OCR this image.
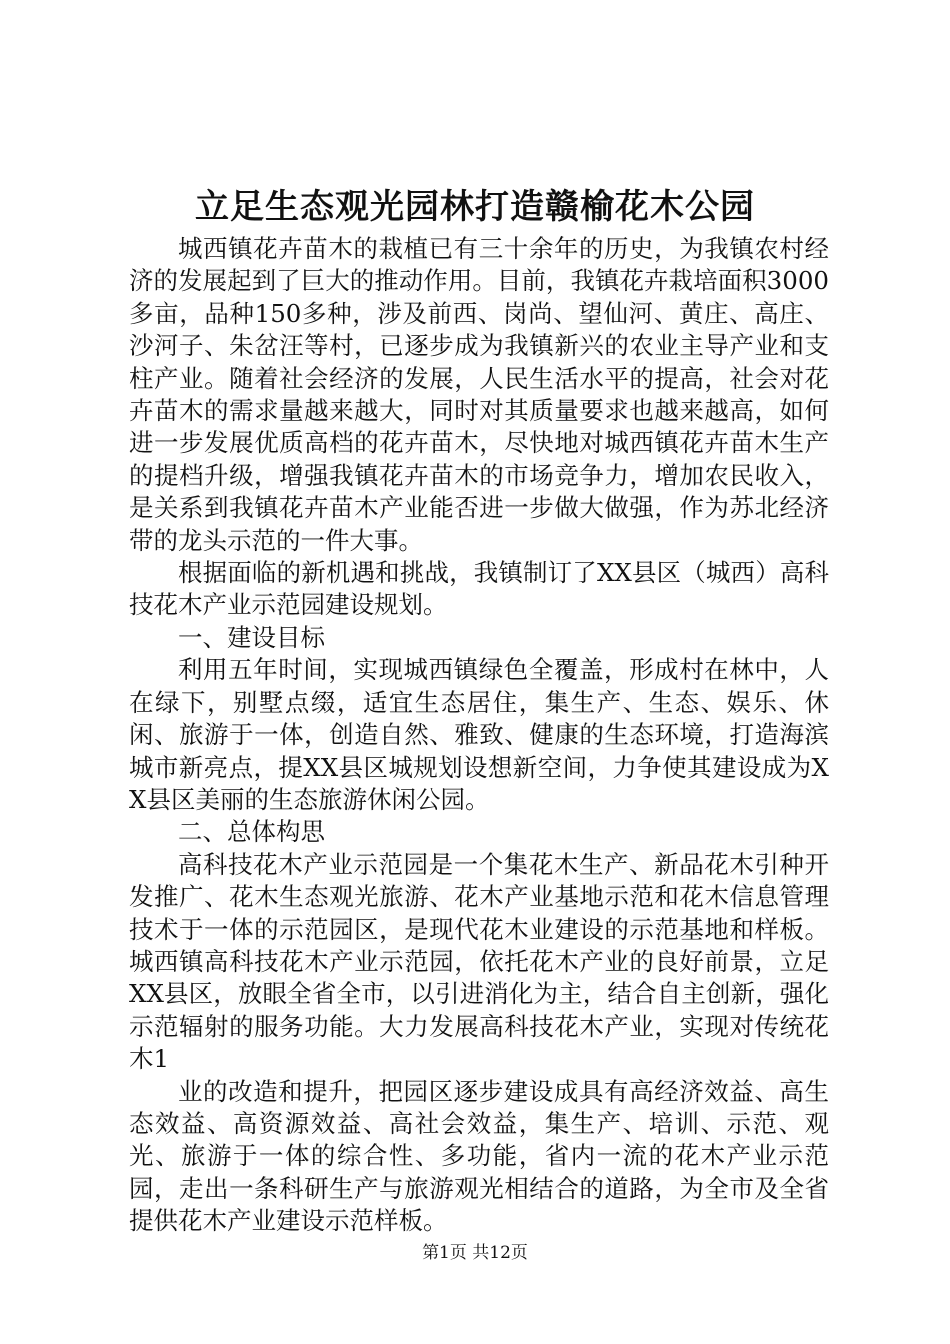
立足生态观光园林打造赣榆花木公园

城西镇花卉苗木的栽植已有三十余年的历史，为我镇农村经济的发展起到了巨大的推动作用。目前，我镇花卉栽培面积3000多亩，品种150多种，涉及前西、岗尚、望仙河、黄庄、高庄、沙河子、朱岔汪等村，已逐步成为我镇新兴的农业主导产业和支柱产业。随着社会经济的发展，人民生活水平的提高，社会对花卉苗木的需求量越来越大，同时对其质量要求也越来越高，如何进一步发展优质高档的花卉苗木，尽快地对城西镇花卉苗木生产的提档升级，增强我镇花卉苗木的市场竞争力，增加农民收入，是关系到我镇花卉苗木产业能否进一步做大做强，作为苏北经济带的龙头示范的一件大事。

根据面临的新机遇和挑战，我镇制订了XX县区（城西）高科技花木产业示范园建设规划。

一、建设目标

利用五年时间，实现城西镇绿色全覆盖，形成村在林中，人在绿下，别墅点缀，适宜生态居住，集生产、生态、娱乐、休闲、旅游于一体，创造自然、雅致、健康的生态环境，打造海滨城市新亮点，提XX县区城规划设想新空间，力争使其建设成为XX县区美丽的生态旅游休闲公园。

二、总体构思

高科技花木产业示范园是一个集花木生产、新品花木引种开发推广、花木生态观光旅游、花木产业基地示范和花木信息管理技术于一体的示范园区，是现代花木业建设的示范基地和样板。城西镇高科技花木产业示范园，依托花木产业的良好前景，立足XX县区，放眼全省全市，以引进消化为主，结合自主创新，强化示范辐射的服务功能。大力发展高科技花木产业，实现对传统花木1

业的改造和提升，把园区逐步建设成具有高经济效益、高生态效益、高资源效益、高社会效益，集生产、培训、示范、观光、旅游于一体的综合性、多功能，省内一流的花木产业示范园，走出一条科研生产与旅游观光相结合的道路，为全市及全省提供花木产业建设示范样板。

第1页 共12页
